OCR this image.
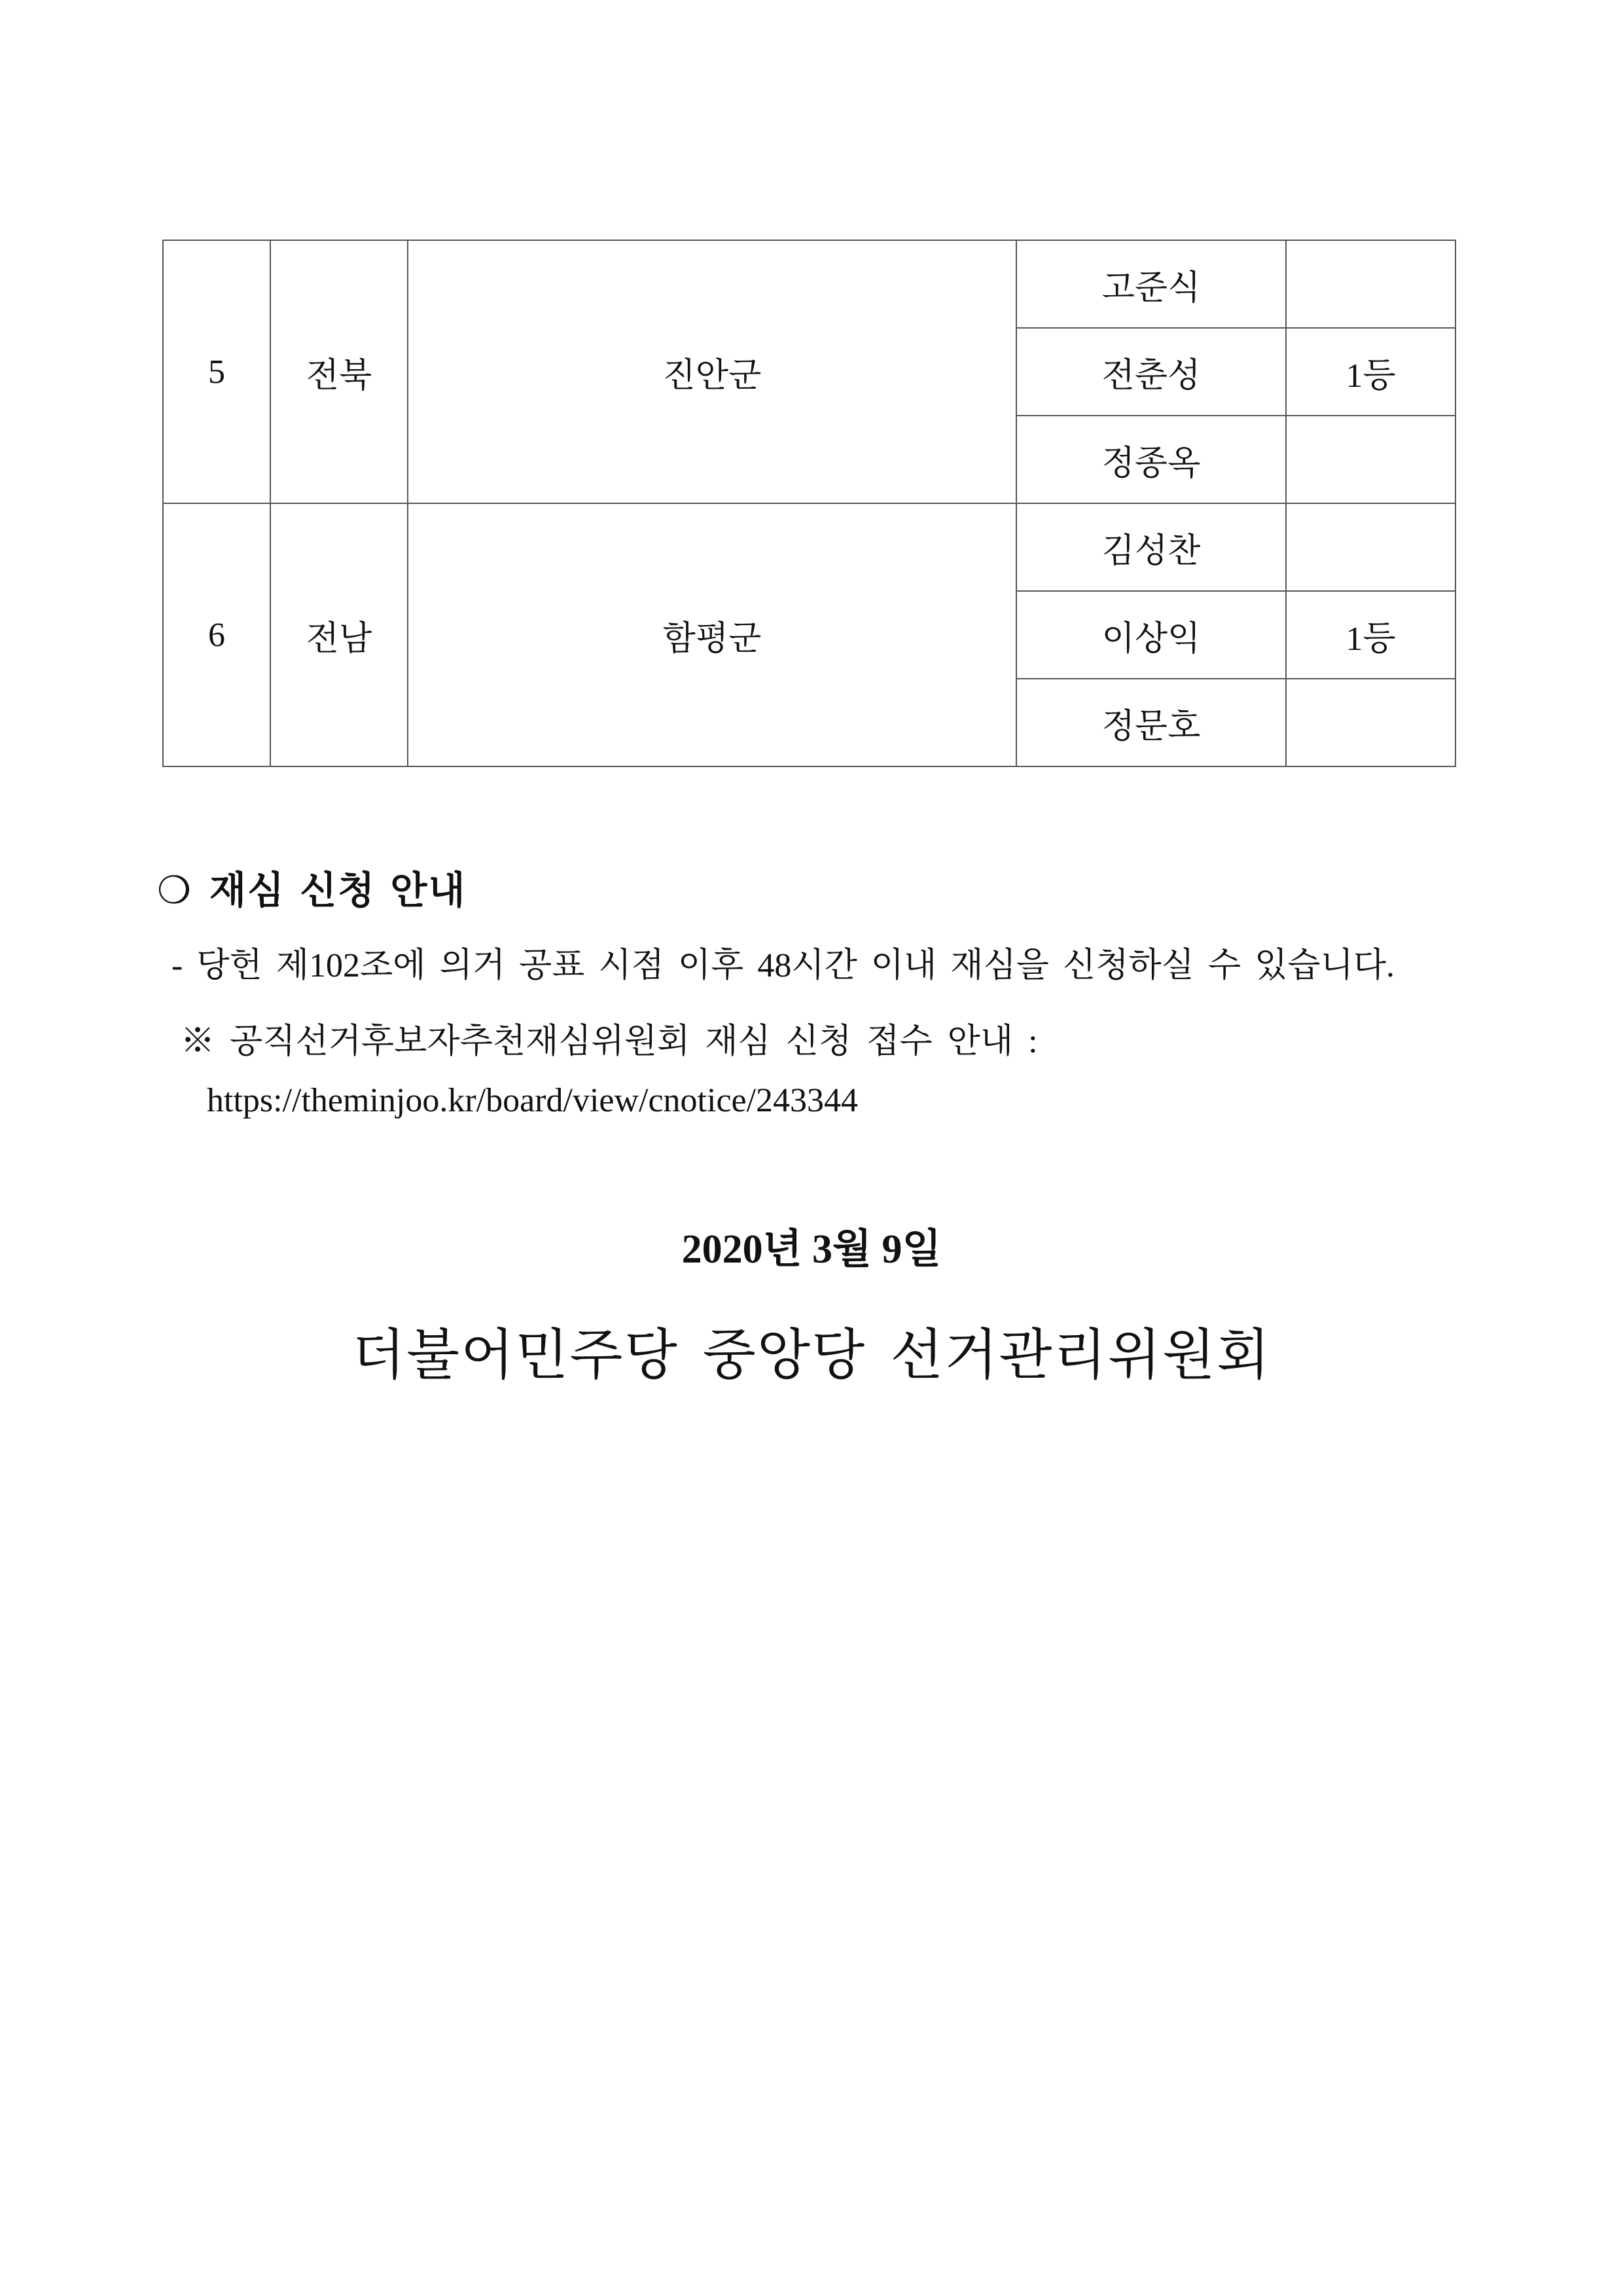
5	전북	진안군	고준식	
			전춘성	1등
			정종옥	
6	전남	함평군	김성찬	
			이상익	1등
			정문호	
❍ 재심 신청 안내
- 당헌 제102조에 의거 공표 시점 이후 48시간 이내 재심을 신청하실 수 있습니다.
※ 공직선거후보자추천재심위원회 재심 신청 접수 안내 :
https://theminjoo.kr/board/view/cnotice/243344
2020년 3월 9일
더불어민주당 중앙당 선거관리위원회
